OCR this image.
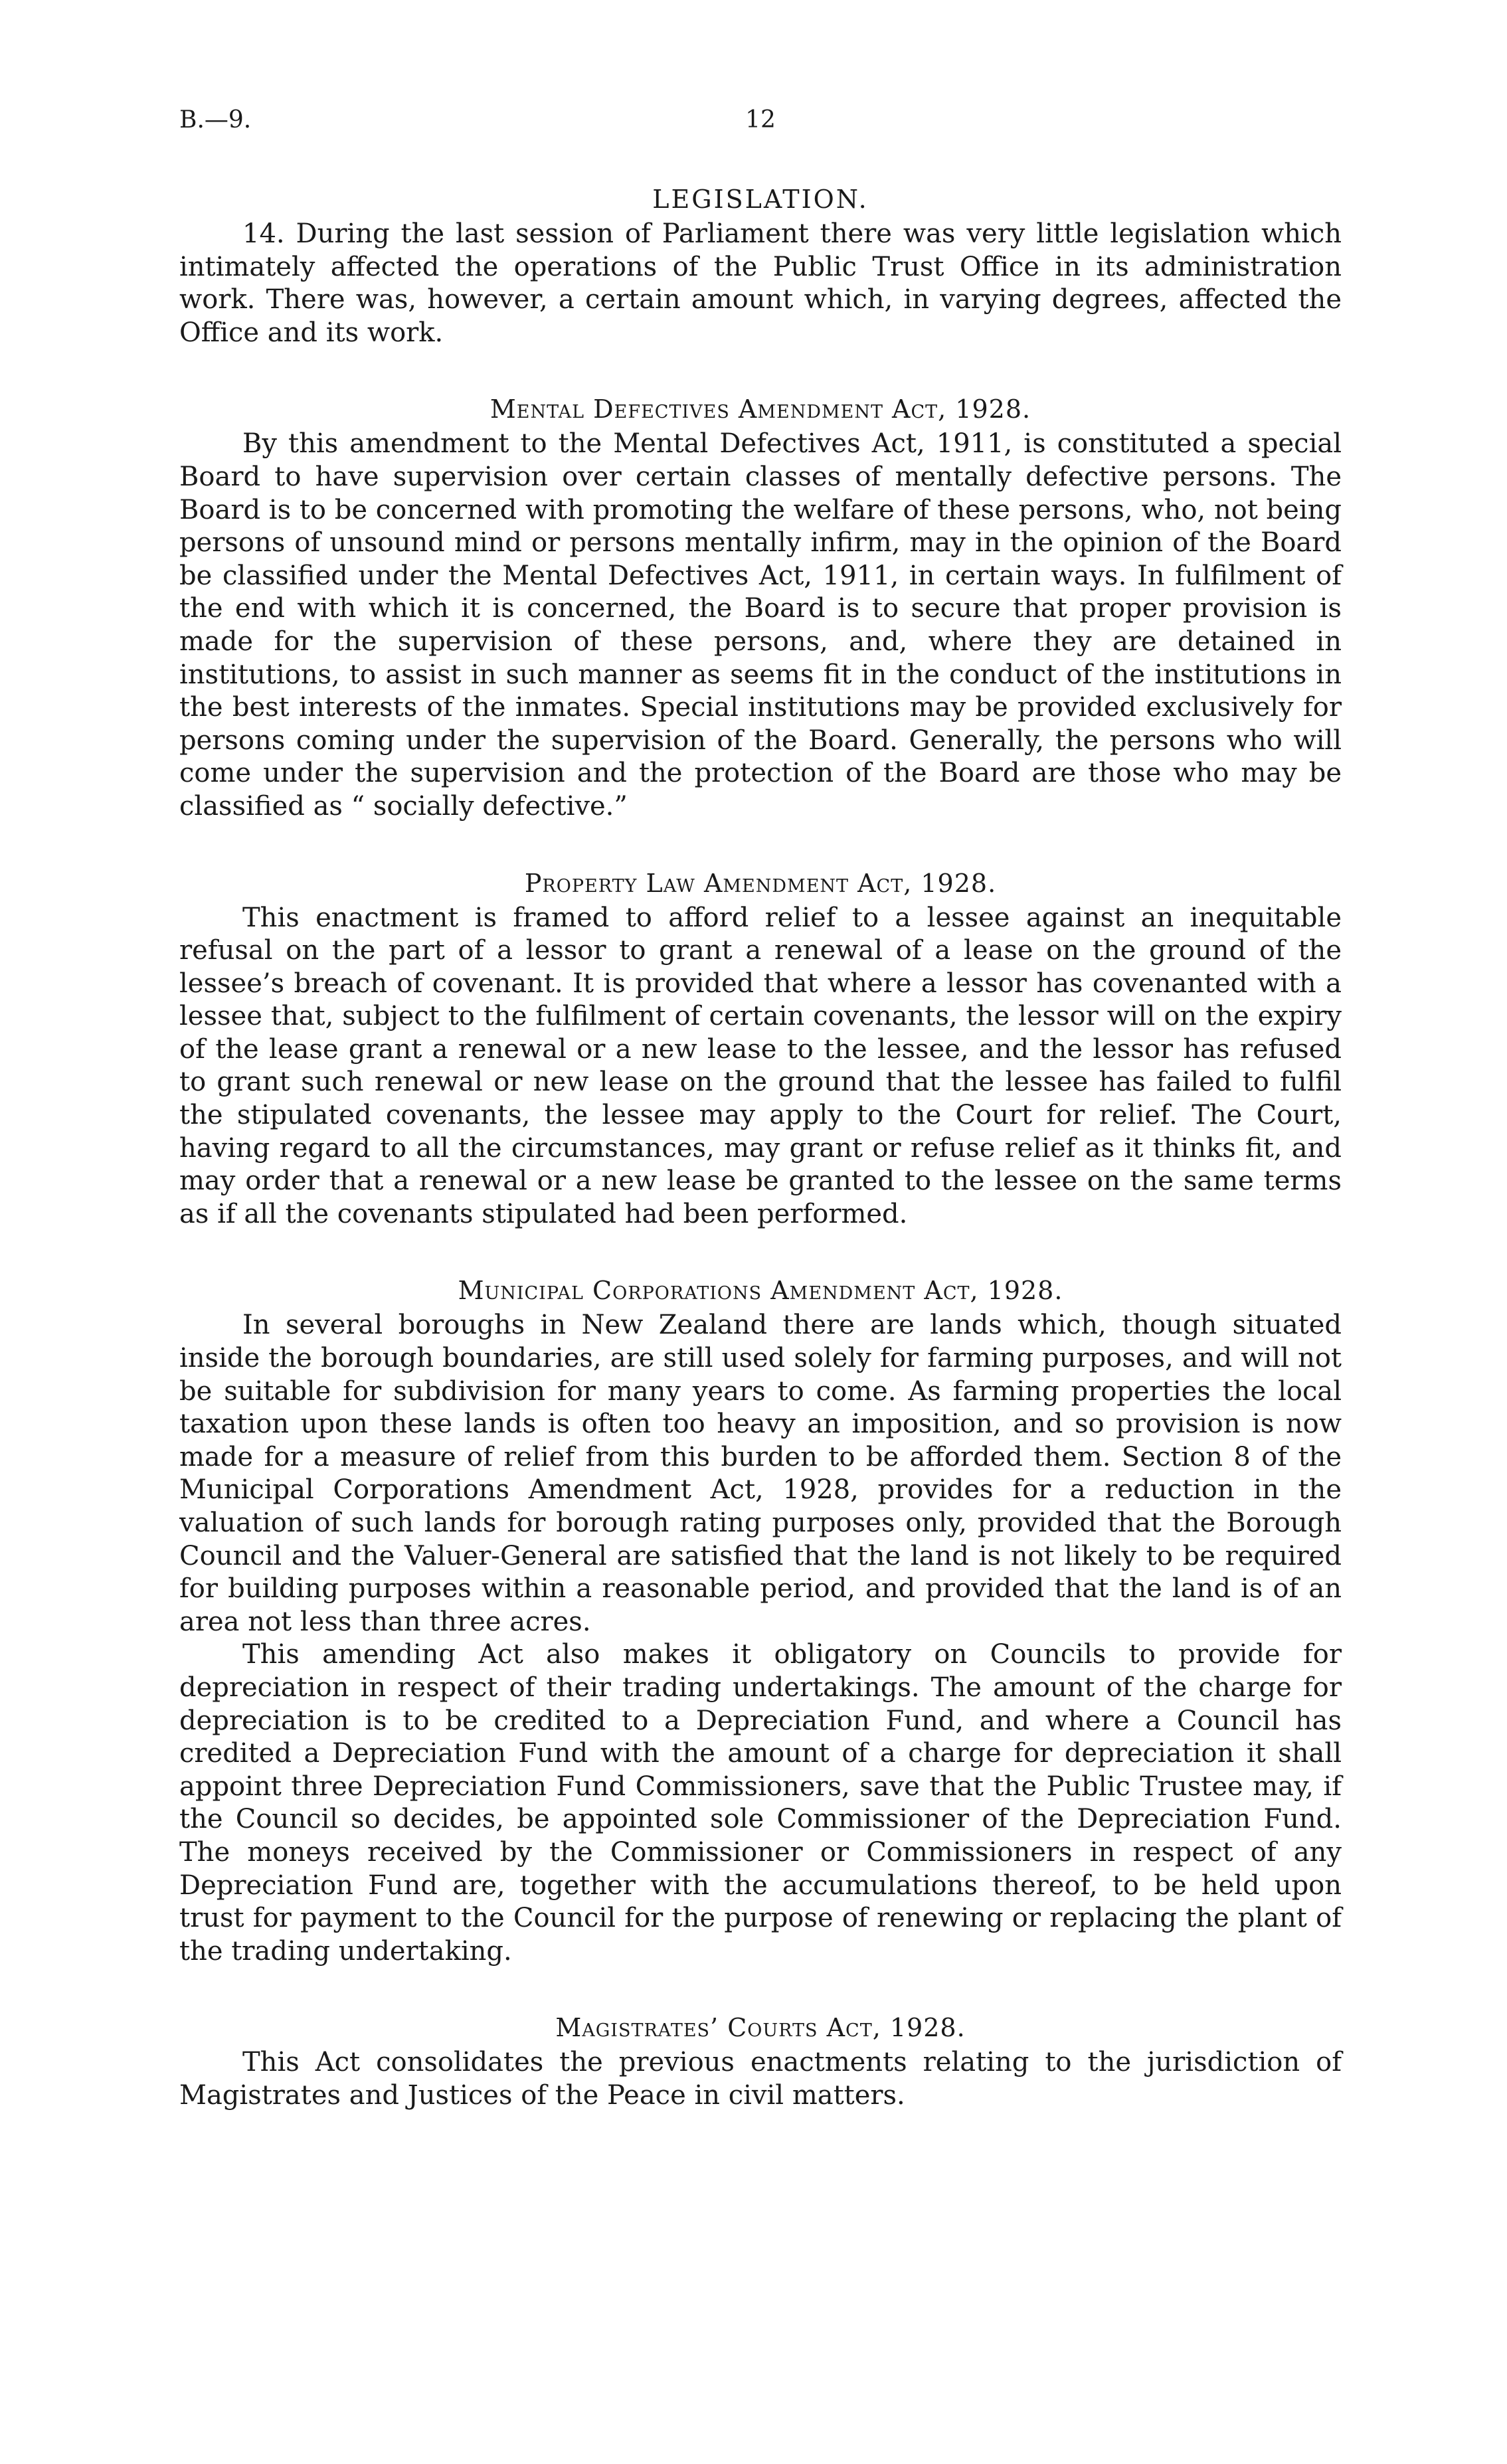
B.—9.	12
LEGISLATION.

14. During the last session of Parliament there was very little legislation which intimately affected the operations of the Public Trust Office in its administration work. There was, however, a certain amount which, in varying degrees, affected the Office and its work.

Mental Defectives Amendment Act, 1928.

By this amendment to the Mental Defectives Act, 1911, is constituted a special Board to have supervision over certain classes of mentally defective persons. The Board is to be concerned with promoting the welfare of these persons, who, not being persons of unsound mind or persons mentally infirm, may in the opinion of the Board be classified under the Mental Defectives Act, 1911, in certain ways. In fulfilment of the end with which it is concerned, the Board is to secure that proper provision is made for the supervision of these persons, and, where they are detained in institutions, to assist in such manner as seems fit in the conduct of the institutions in the best interests of the inmates. Special institutions may be provided exclusively for persons coming under the supervision of the Board. Generally, the persons who will come under the supervision and the protection of the Board are those who may be classified as “ socially defective.”

Property Law Amendment Act, 1928.

This enactment is framed to afford relief to a lessee against an inequitable refusal on the part of a lessor to grant a renewal of a lease on the ground of the lessee’s breach of covenant. It is provided that where a lessor has covenanted with a lessee that, subject to the fulfilment of certain covenants, the lessor will on the expiry of the lease grant a renewal or a new lease to the lessee, and the lessor has refused to grant such renewal or new lease on the ground that the lessee has failed to fulfil the stipulated covenants, the lessee may apply to the Court for relief. The Court, having regard to all the circumstances, may grant or refuse relief as it thinks fit, and may order that a renewal or a new lease be granted to the lessee on the same terms as if all the covenants stipulated had been performed.

Municipal Corporations Amendment Act, 1928.

In several boroughs in New Zealand there are lands which, though situated inside the borough boundaries, are still used solely for farming purposes, and will not be suitable for subdivision for many years to come. As farming properties the local taxation upon these lands is often too heavy an imposition, and so provision is now made for a measure of relief from this burden to be afforded them. Section 8 of the Municipal Corporations Amendment Act, 1928, provides for a reduction in the valuation of such lands for borough rating purposes only, provided that the Borough Council and the Valuer-General are satisfied that the land is not likely to be required for building purposes within a reasonable period, and provided that the land is of an area not less than three acres.

This amending Act also makes it obligatory on Councils to provide for depreciation in respect of their trading undertakings. The amount of the charge for depreciation is to be credited to a Depreciation Fund, and where a Council has credited a Depreciation Fund with the amount of a charge for depreciation it shall appoint three Depreciation Fund Commissioners, save that the Public Trustee may, if the Council so decides, be appointed sole Commissioner of the Depreciation Fund. The moneys received by the Commissioner or Commissioners in respect of any Depreciation Fund are, together with the accumulations thereof, to be held upon trust for payment to the Council for the purpose of renewing or replacing the plant of the trading undertaking.

Magistrates’ Courts Act, 1928.

This Act consolidates the previous enactments relating to the jurisdiction of Magistrates and Justices of the Peace in civil matters.
